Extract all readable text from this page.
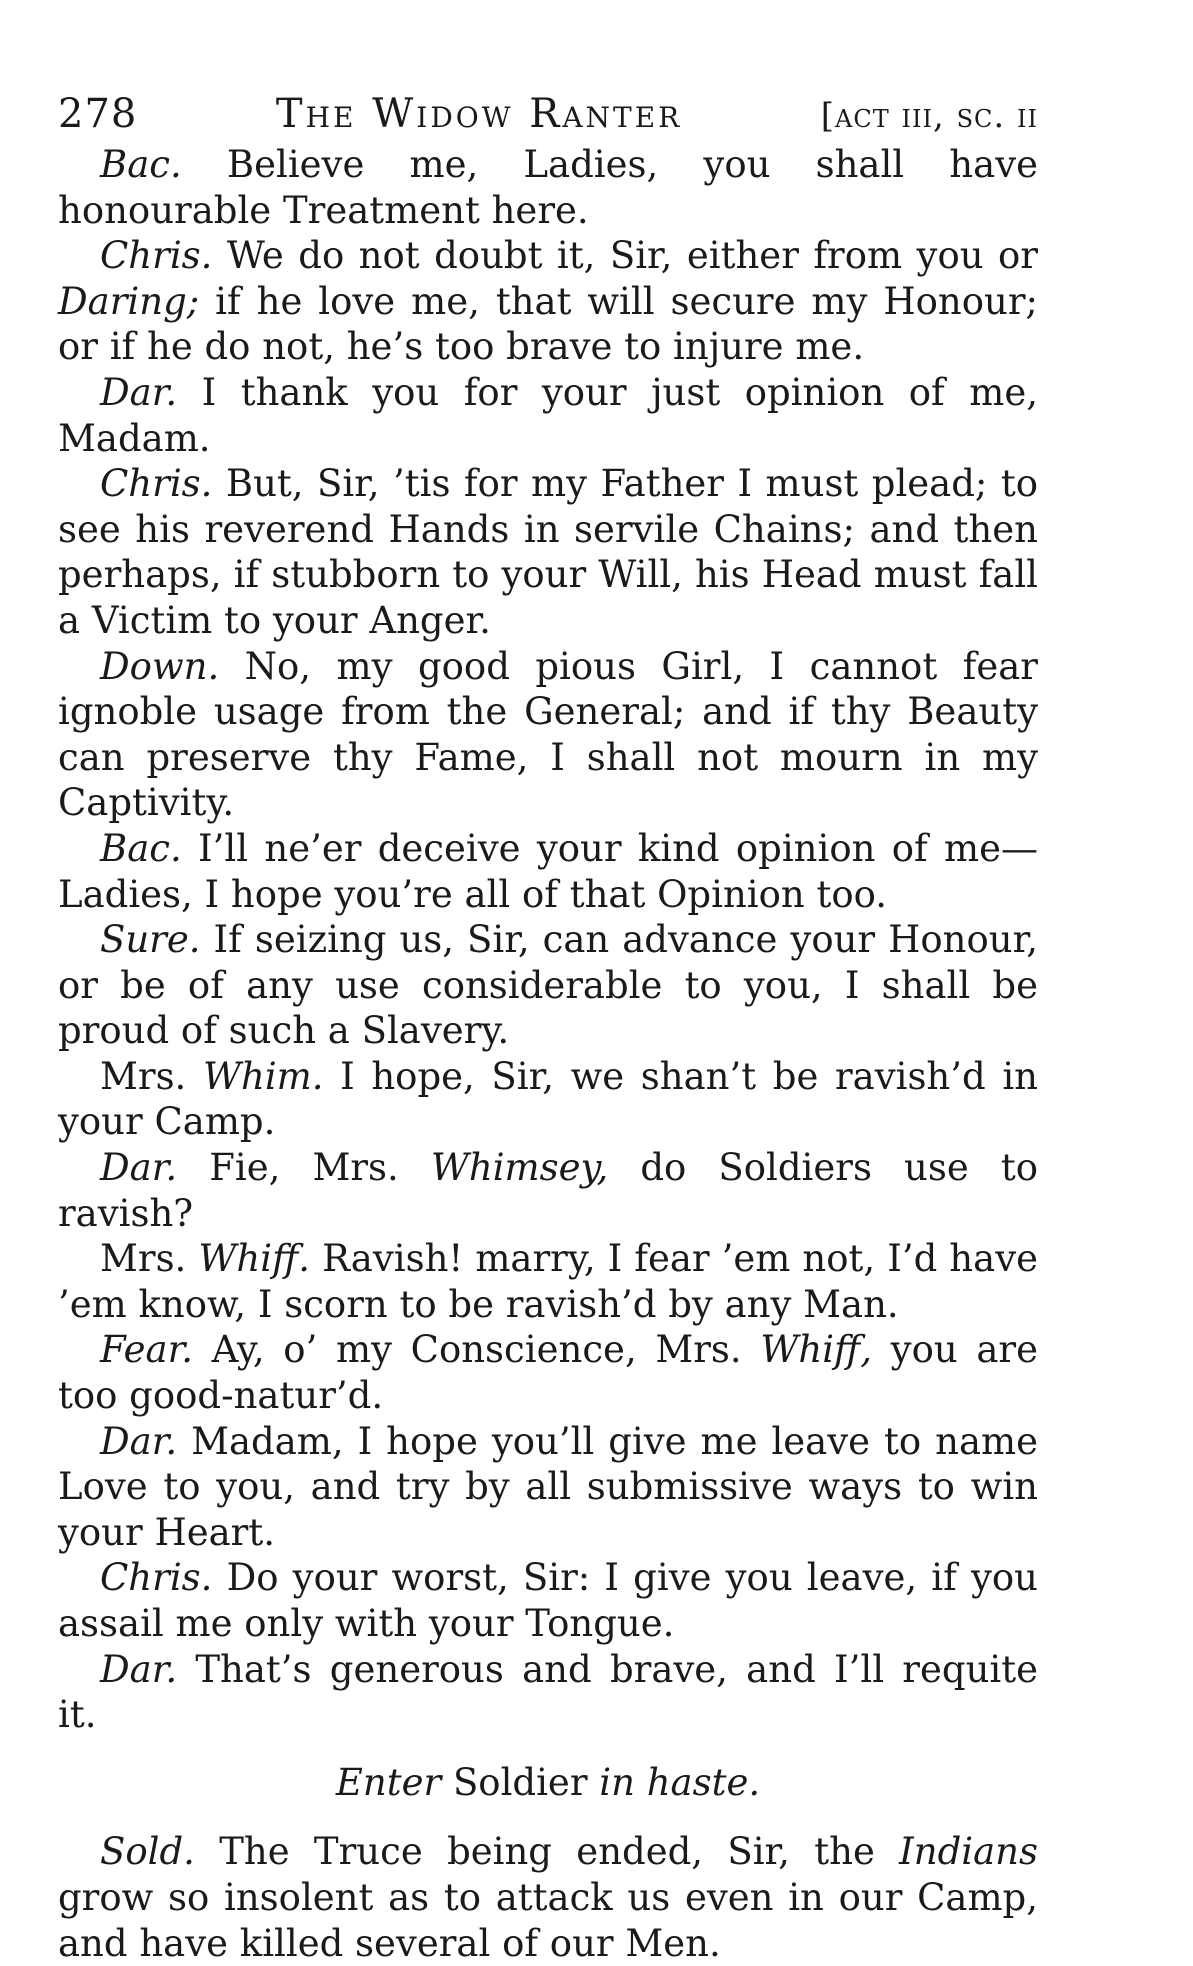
278	The Widow Ranter	[act iii, sc. ii

Bac. Believe me, Ladies, you shall have honourable Treatment here.

Chris. We do not doubt it, Sir, either from you or Daring; if he love me, that will secure my Honour; or if he do not, he’s too brave to injure me.

Dar. I thank you for your just opinion of me, Madam.

Chris. But, Sir, ’tis for my Father I must plead; to see his reverend Hands in servile Chains; and then perhaps, if stubborn to your Will, his Head must fall a Victim to your Anger.

Down. No, my good pious Girl, I cannot fear ignoble usage from the General; and if thy Beauty can preserve thy Fame, I shall not mourn in my Captivity.

Bac. I’ll ne’er deceive your kind opinion of me— Ladies, I hope you’re all of that Opinion too.

Sure. If seizing us, Sir, can advance your Honour, or be of any use considerable to you, I shall be proud of such a Slavery.

Mrs. Whim. I hope, Sir, we shan’t be ravish’d in your Camp.

Dar. Fie, Mrs. Whimsey, do Soldiers use to ravish?

Mrs. Whiff. Ravish! marry, I fear ’em not, I’d have ’em know, I scorn to be ravish’d by any Man.

Fear. Ay, o’ my Conscience, Mrs. Whiff, you are too good-natur’d.

Dar. Madam, I hope you’ll give me leave to name Love to you, and try by all submissive ways to win your Heart.

Chris. Do your worst, Sir: I give you leave, if you assail me only with your Tongue.

Dar. That’s generous and brave, and I’ll requite it.

Enter Soldier in haste.

Sold. The Truce being ended, Sir, the Indians grow so insolent as to attack us even in our Camp, and have killed several of our Men.
